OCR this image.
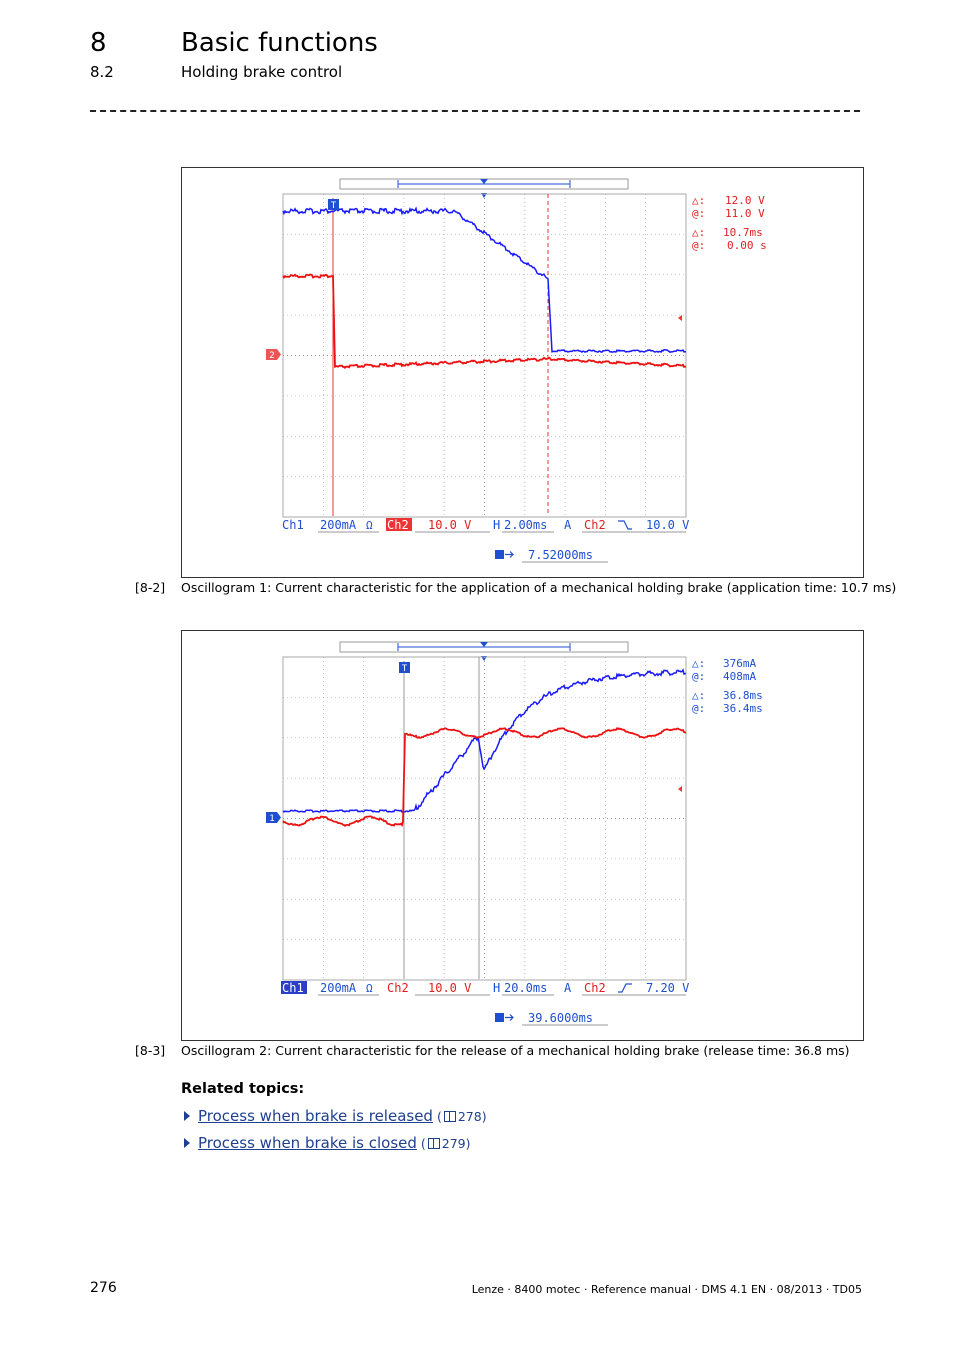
8	Basic functions
8.2	Holding brake control
T
2
△: 12.0 V
@: 11.0 V
△: 10.7ms
@: 0.00 s
Ch1 200mA Ω Ch2 10.0 V H 2.00ms A Ch2	10.0 V
7.52000ms
[8-2] Oscillogram 1: Current characteristic for the application of a mechanical holding brake (application time: 10.7 ms)
T
1
△: 376mA
@: 408mA
△: 36.8ms
@: 36.4ms
Ch1 200mA Ω Ch2 10.0 V H 20.0ms A Ch2	7.20 V
39.6000ms
[8-3] Oscillogram 2: Current characteristic for the release of a mechanical holding brake (release time: 36.8 ms)
Related topics:
Process when brake is released ( 278)
Process when brake is closed ( 279)
276	Lenze · 8400 motec · Reference manual · DMS 4.1 EN · 08/2013 · TD05
